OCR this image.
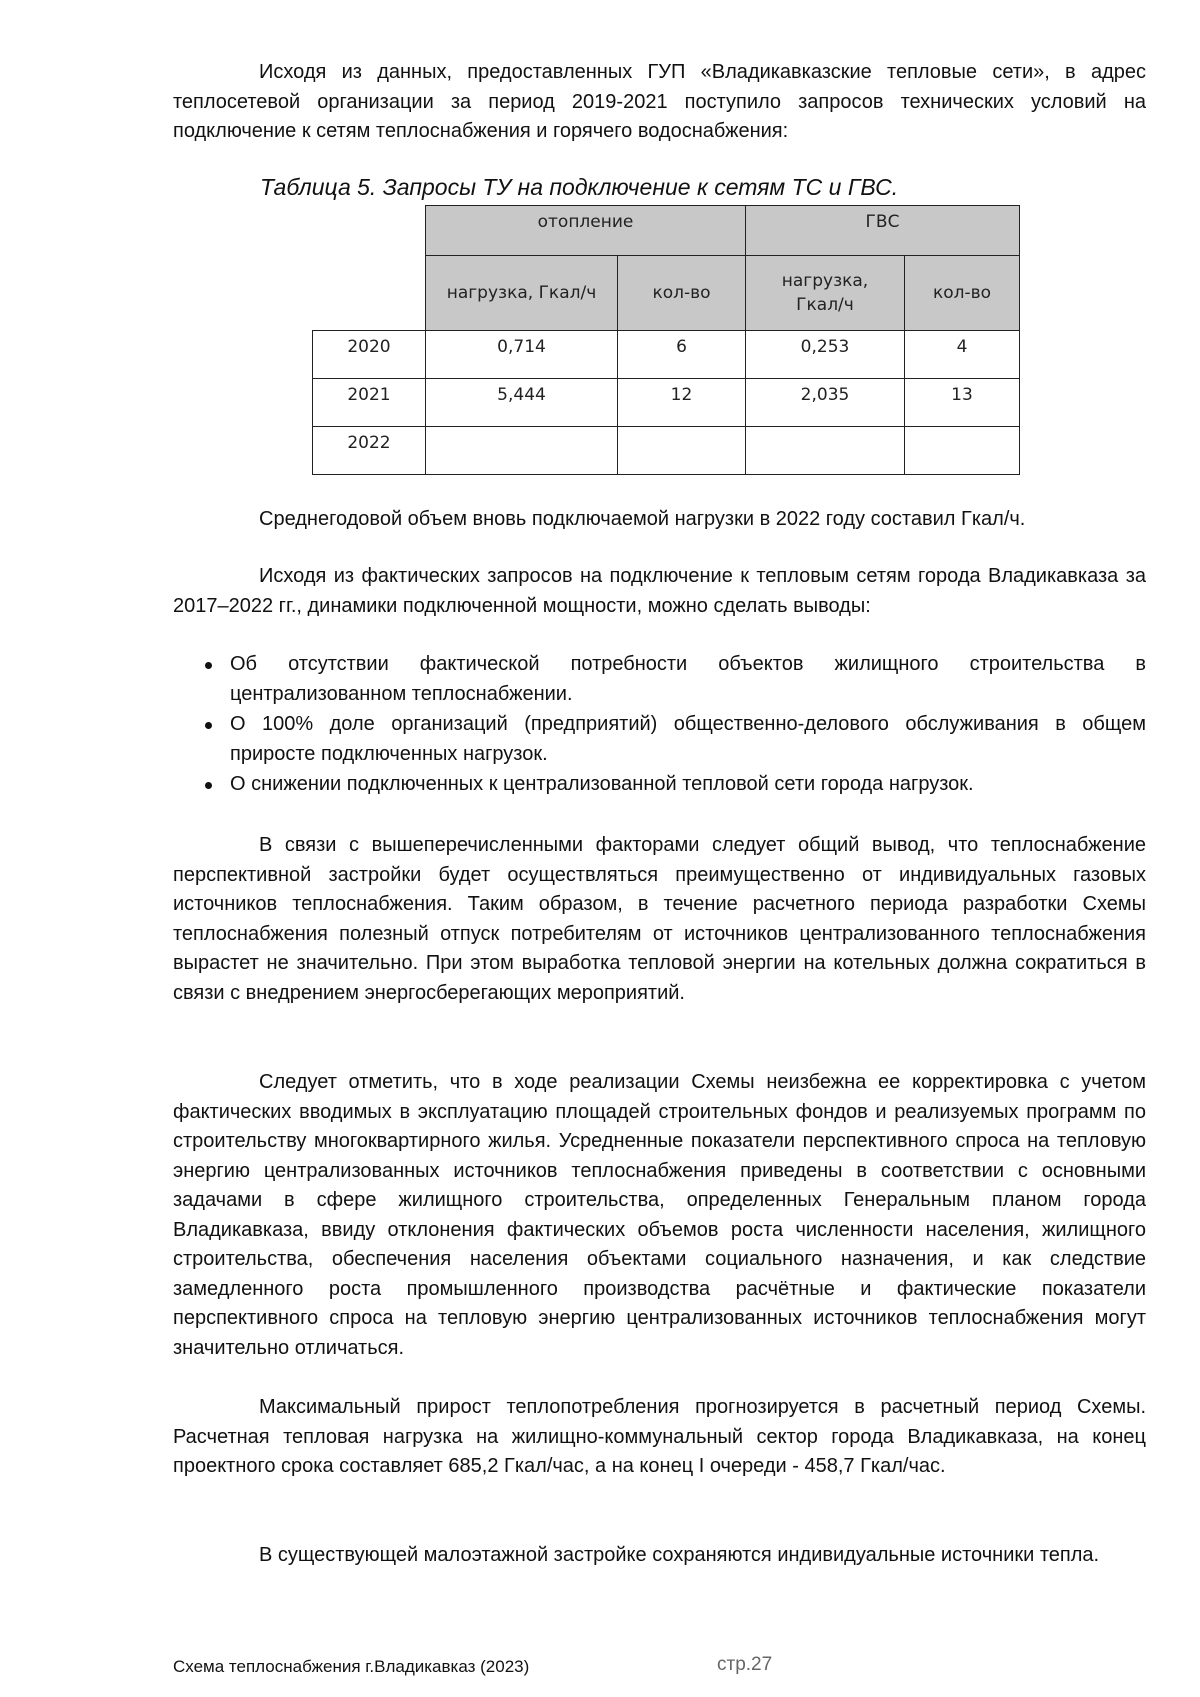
Исходя из данных, предоставленных ГУП «Владикавказские тепловые сети», в адрес теплосетевой организации за период 2019-2021 поступило запросов технических условий на подключение к сетям теплоснабжения и горячего водоснабжения:

Таблица 5. Запросы ТУ на подключение к сетям ТС и ГВС.

	отопление		ГВС	
	нагрузка, Гкал/ч	кол-во	нагрузка, Гкал/ч	кол-во
2020	0,714	6	0,253	4
2021	5,444	12	2,035	13
2022				

Среднегодовой объем вновь подключаемой нагрузки в 2022 году составил Гкал/ч.

Исходя из фактических запросов на подключение к тепловым сетям города Владикавказа за 2017–2022 гг., динамики подключенной мощности, можно сделать выводы:

Об отсутствии фактической потребности объектов жилищного строительства в централизованном теплоснабжении.
О 100% доле организаций (предприятий) общественно-делового обслуживания в общем приросте подключенных нагрузок.
О снижении подключенных к централизованной тепловой сети города нагрузок.

В связи с вышеперечисленными факторами следует общий вывод, что теплоснабжение перспективной застройки будет осуществляться преимущественно от индивидуальных газовых источников теплоснабжения. Таким образом, в течение расчетного периода разработки Схемы теплоснабжения полезный отпуск потребителям от источников централизованного теплоснабжения вырастет не значительно. При этом выработка тепловой энергии на котельных должна сократиться в связи с внедрением энергосберегающих мероприятий.

Следует отметить, что в ходе реализации Схемы неизбежна ее корректировка с учетом фактических вводимых в эксплуатацию площадей строительных фондов и реализуемых программ по строительству многоквартирного жилья. Усредненные показатели перспективного спроса на тепловую энергию централизованных источников теплоснабжения приведены в соответствии с основными задачами в сфере жилищного строительства, определенных Генеральным планом города Владикавказа, ввиду отклонения фактических объемов роста численности населения, жилищного строительства, обеспечения населения объектами социального назначения, и как следствие замедленного роста промышленного производства расчётные и фактические показатели перспективного спроса на тепловую энергию централизованных источников теплоснабжения могут значительно отличаться.

Максимальный прирост теплопотребления прогнозируется в расчетный период Схемы. Расчетная тепловая нагрузка на жилищно-коммунальный сектор города Владикавказа, на конец проектного срока составляет 685,2 Гкал/час, а на конец I очереди - 458,7 Гкал/час.

В существующей малоэтажной застройке сохраняются индивидуальные источники тепла.

Схема теплоснабжения г.Владикавказ (2023)	стр.27
